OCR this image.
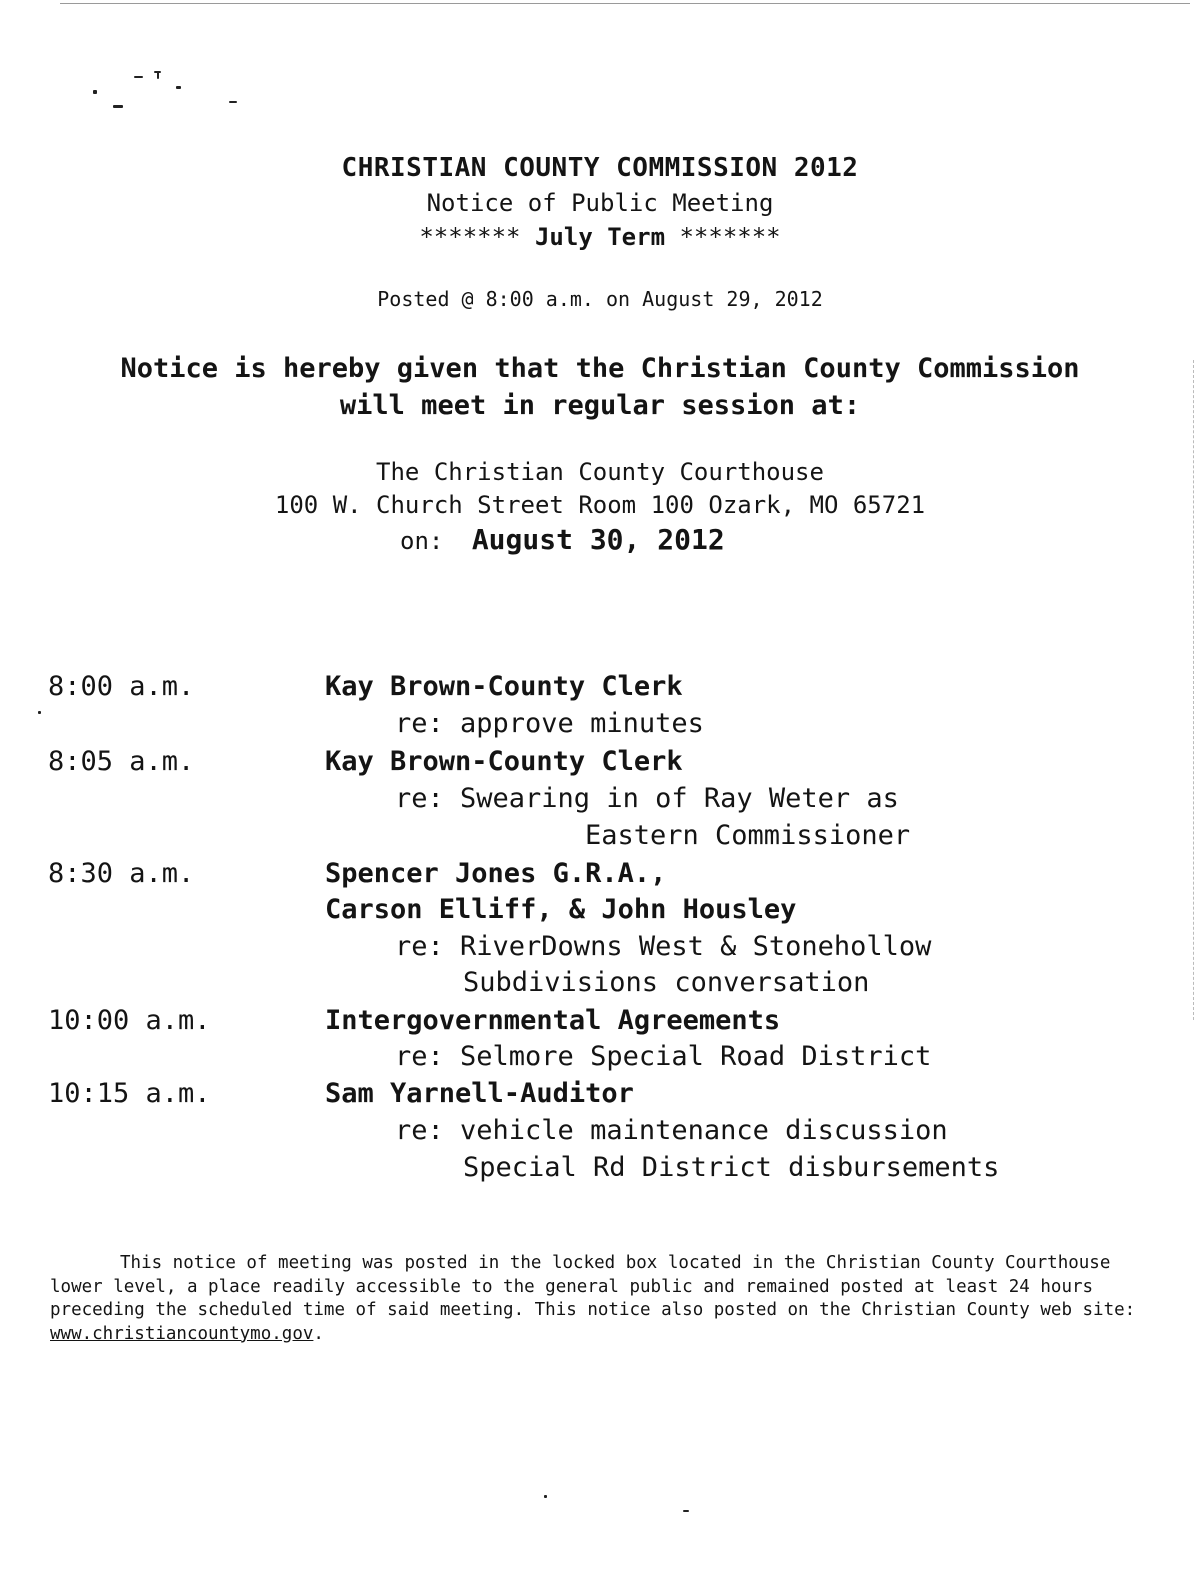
CHRISTIAN COUNTY COMMISSION 2012
Notice of Public Meeting
******* July Term *******
Posted @ 8:00 a.m. on August 29, 2012
Notice is hereby given that the Christian County Commission
will meet in regular session at:
The Christian County Courthouse
100 W. Church Street Room 100 Ozark, MO 65721
on: August 30, 2012
8:00 a.m.	Kay Brown-County Clerk
re: approve minutes
8:05 a.m.	Kay Brown-County Clerk
re: Swearing in of Ray Weter as
Eastern Commissioner
8:30 a.m.	Spencer Jones G.R.A.,
Carson Elliff, & John Housley
re: RiverDowns West & Stonehollow
Subdivisions conversation
10:00 a.m.	Intergovernmental Agreements
re: Selmore Special Road District
10:15 a.m.	Sam Yarnell-Auditor
re: vehicle maintenance discussion
Special Rd District disbursements
This notice of meeting was posted in the locked box located in the Christian County Courthouse lower level, a place readily accessible to the general public and remained posted at least 24 hours preceding the scheduled time of said meeting. This notice also posted on the Christian County web site: www.christiancountymo.gov.
